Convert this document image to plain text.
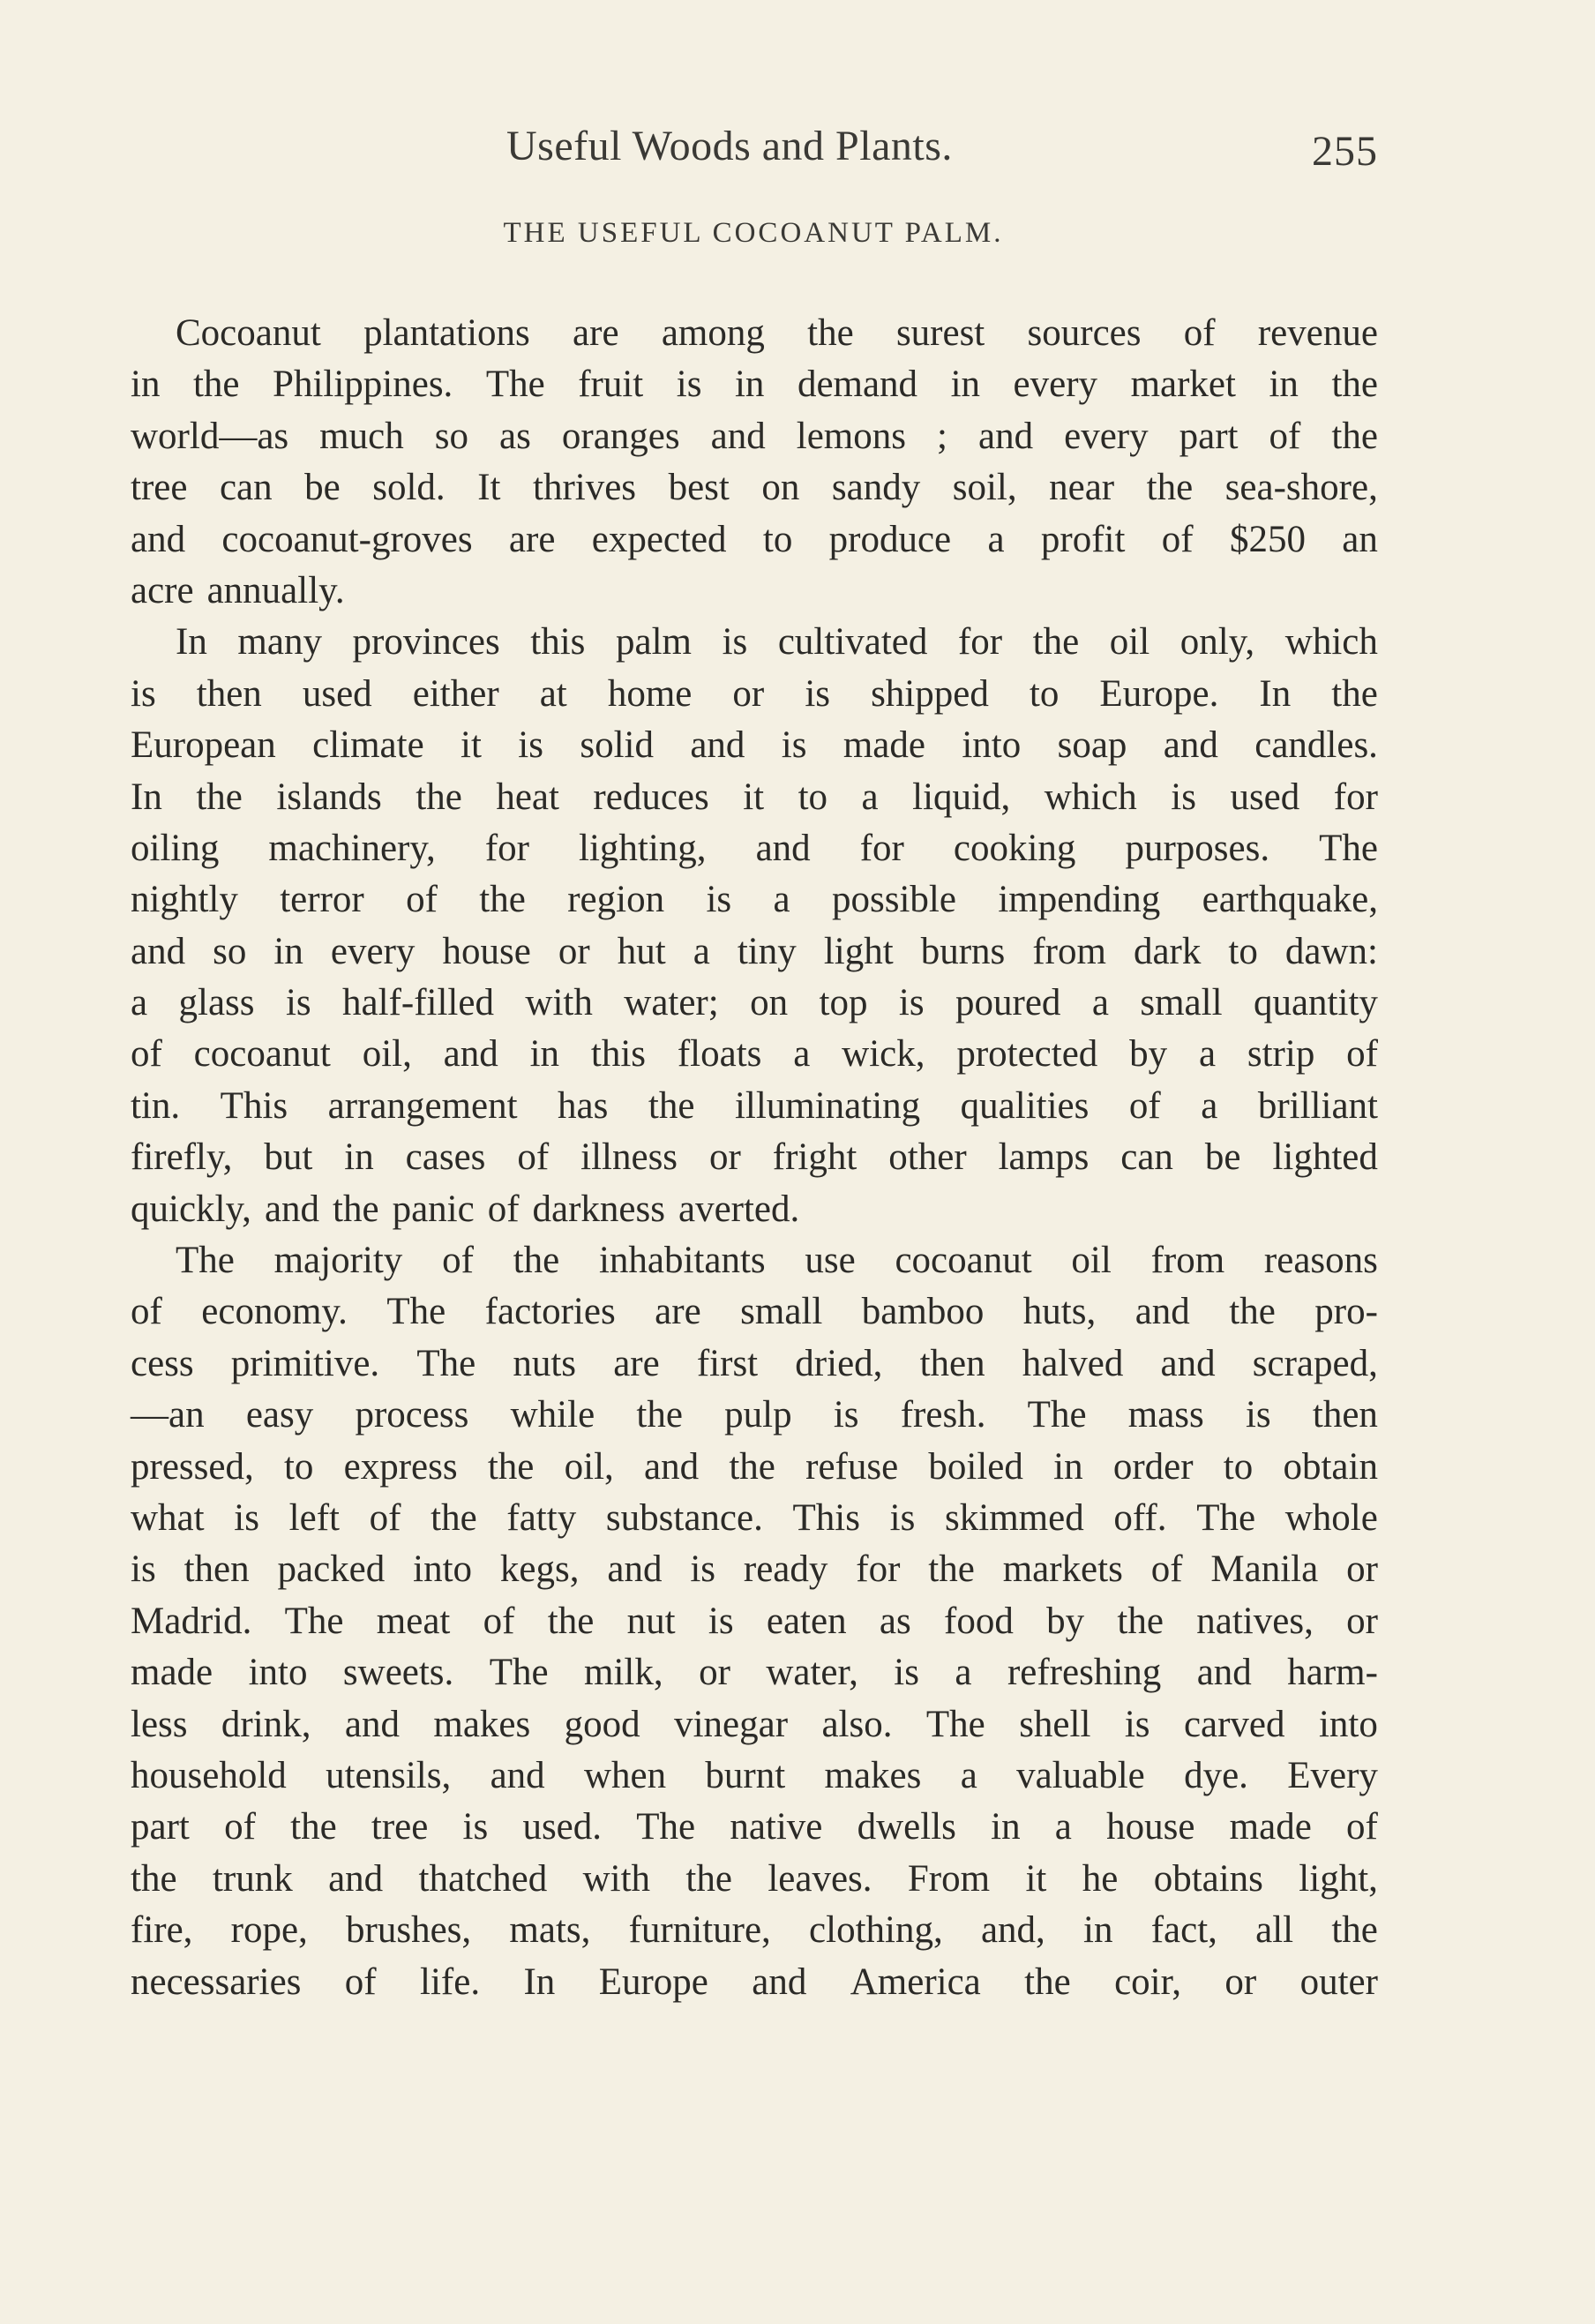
Useful Woods and Plants.	255
THE USEFUL COCOANUT PALM.
Cocoanut plantations are among the surest sources of revenue
in the Philippines. The fruit is in demand in every market in the
world—as much so as oranges and lemons ; and every part of the
tree can be sold. It thrives best on sandy soil, near the sea-shore,
and cocoanut-groves are expected to produce a profit of $250 an
acre annually.
In many provinces this palm is cultivated for the oil only, which
is then used either at home or is shipped to Europe. In the
European climate it is solid and is made into soap and candles.
In the islands the heat reduces it to a liquid, which is used for
oiling machinery, for lighting, and for cooking purposes. The
nightly terror of the region is a possible impending earthquake,
and so in every house or hut a tiny light burns from dark to dawn:
a glass is half-filled with water; on top is poured a small quantity
of cocoanut oil, and in this floats a wick, protected by a strip of
tin. This arrangement has the illuminating qualities of a brilliant
firefly, but in cases of illness or fright other lamps can be lighted
quickly, and the panic of darkness averted.
The majority of the inhabitants use cocoanut oil from reasons
of economy. The factories are small bamboo huts, and the pro-
cess primitive. The nuts are first dried, then halved and scraped,
—an easy process while the pulp is fresh. The mass is then
pressed, to express the oil, and the refuse boiled in order to obtain
what is left of the fatty substance. This is skimmed off. The whole
is then packed into kegs, and is ready for the markets of Manila or
Madrid. The meat of the nut is eaten as food by the natives, or
made into sweets. The milk, or water, is a refreshing and harm-
less drink, and makes good vinegar also. The shell is carved into
household utensils, and when burnt makes a valuable dye. Every
part of the tree is used. The native dwells in a house made of
the trunk and thatched with the leaves. From it he obtains light,
fire, rope, brushes, mats, furniture, clothing, and, in fact, all the
necessaries of life. In Europe and America the coir, or outer
